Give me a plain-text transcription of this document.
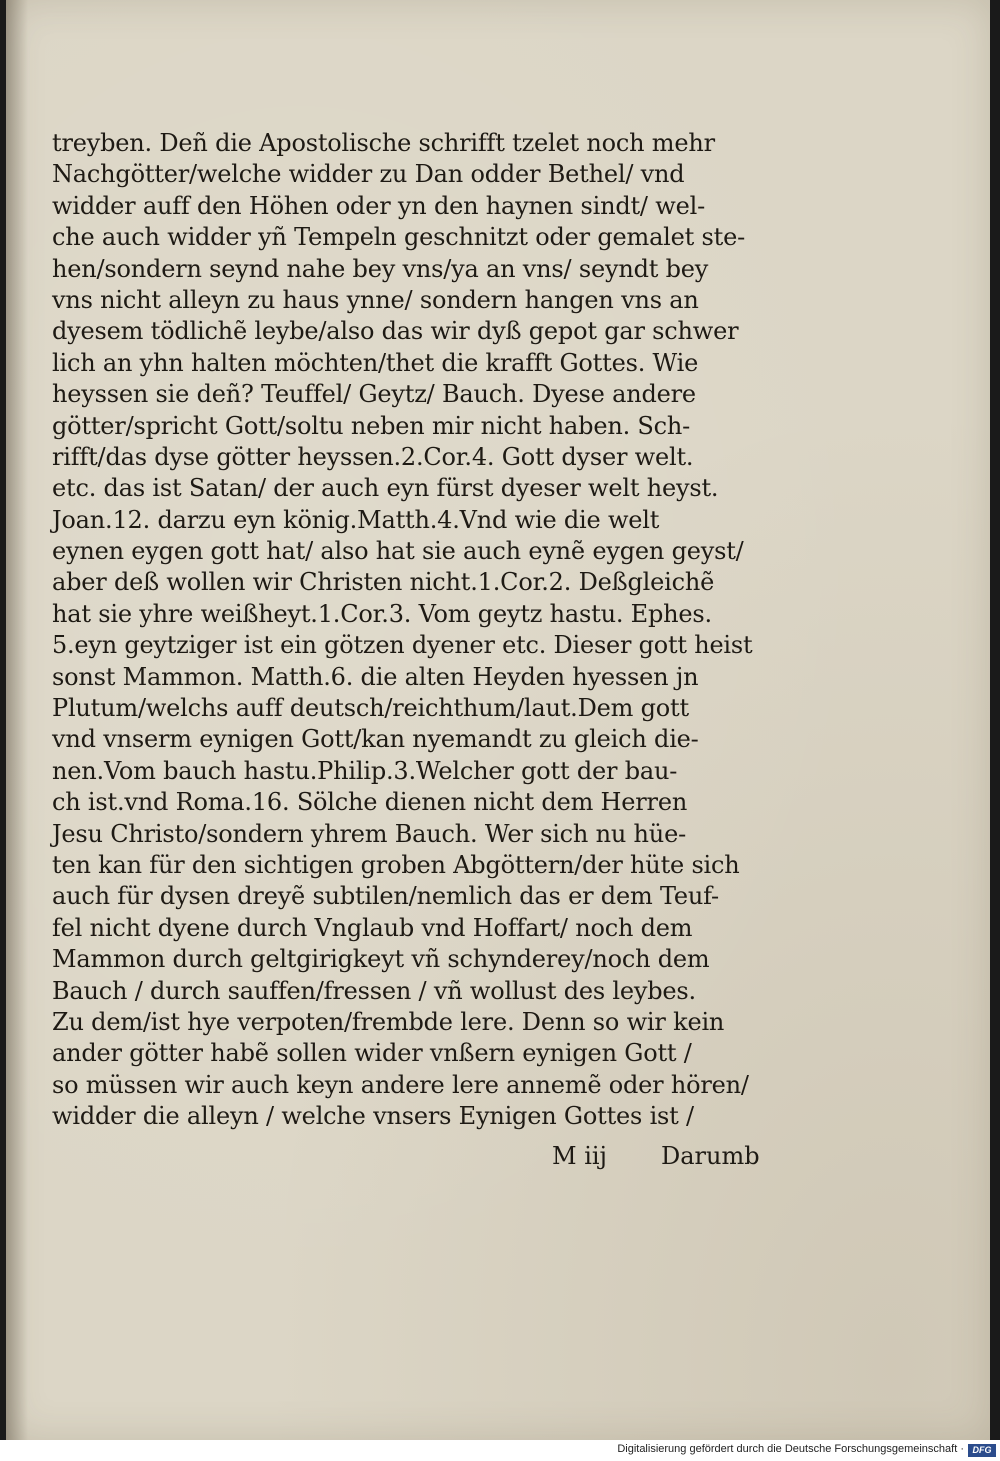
treyben. Deñ die Apostolische schrifft tzelet noch mehr
Nachgötter/welche widder zu Dan odder Bethel/ vnd
widder auff den Höhen oder yn den haynen sindt/ wel-
che auch widder yñ Tempeln geschnitzt oder gemalet ste-
hen/sondern seynd nahe bey vns/ya an vns/ seyndt bey
vns nicht alleyn zu haus ynne/ sondern hangen vns an
dyesem tödlichẽ leybe/also das wir dyß gepot gar schwer
lich an yhn halten möchten/thet die krafft Gottes. Wie
heyssen sie deñ? Teuffel/ Geytz/ Bauch. Dyese andere
götter/spricht Gott/soltu neben mir nicht haben. Sch-
rifft/das dyse götter heyssen.2.Cor.4. Gott dyser welt.
etc. das ist Satan/ der auch eyn fürst dyeser welt heyst.
Joan.12. darzu eyn könig.Matth.4.Vnd wie die welt
eynen eygen gott hat/ also hat sie auch eynẽ eygen geyst/
aber deß wollen wir Christen nicht.1.Cor.2. Deßgleichẽ
hat sie yhre weißheyt.1.Cor.3. Vom geytz hastu. Ephes.
5.eyn geytziger ist ein götzen dyener etc. Dieser gott heist
sonst Mammon. Matth.6. die alten Heyden hyessen jn
Plutum/welchs auff deutsch/reichthum/laut.Dem gott
vnd vnserm eynigen Gott/kan nyemandt zu gleich die-
nen.Vom bauch hastu.Philip.3.Welcher gott der bau-
ch ist.vnd Roma.16. Sölche dienen nicht dem Herren
Jesu Christo/sondern yhrem Bauch. Wer sich nu hüe-
ten kan für den sichtigen groben Abgöttern/der hüte sich
auch für dysen dreyẽ subtilen/nemlich das er dem Teuf-
fel nicht dyene durch Vnglaub vnd Hoffart/ noch dem
Mammon durch geltgirigkeyt vñ schynderey/noch dem
Bauch / durch sauffen/fressen / vñ wollust des leybes.
Zu dem/ist hye verpoten/frembde lere. Denn so wir kein
ander götter habẽ sollen wider vnßern eynigen Gott /
so müssen wir auch keyn andere lere annemẽ oder hören/
widder die alleyn / welche vnsers Eynigen Gottes ist /
M iij Darumb
Digitalisierung gefördert durch die Deutsche Forschungsgemeinschaft · DFG
